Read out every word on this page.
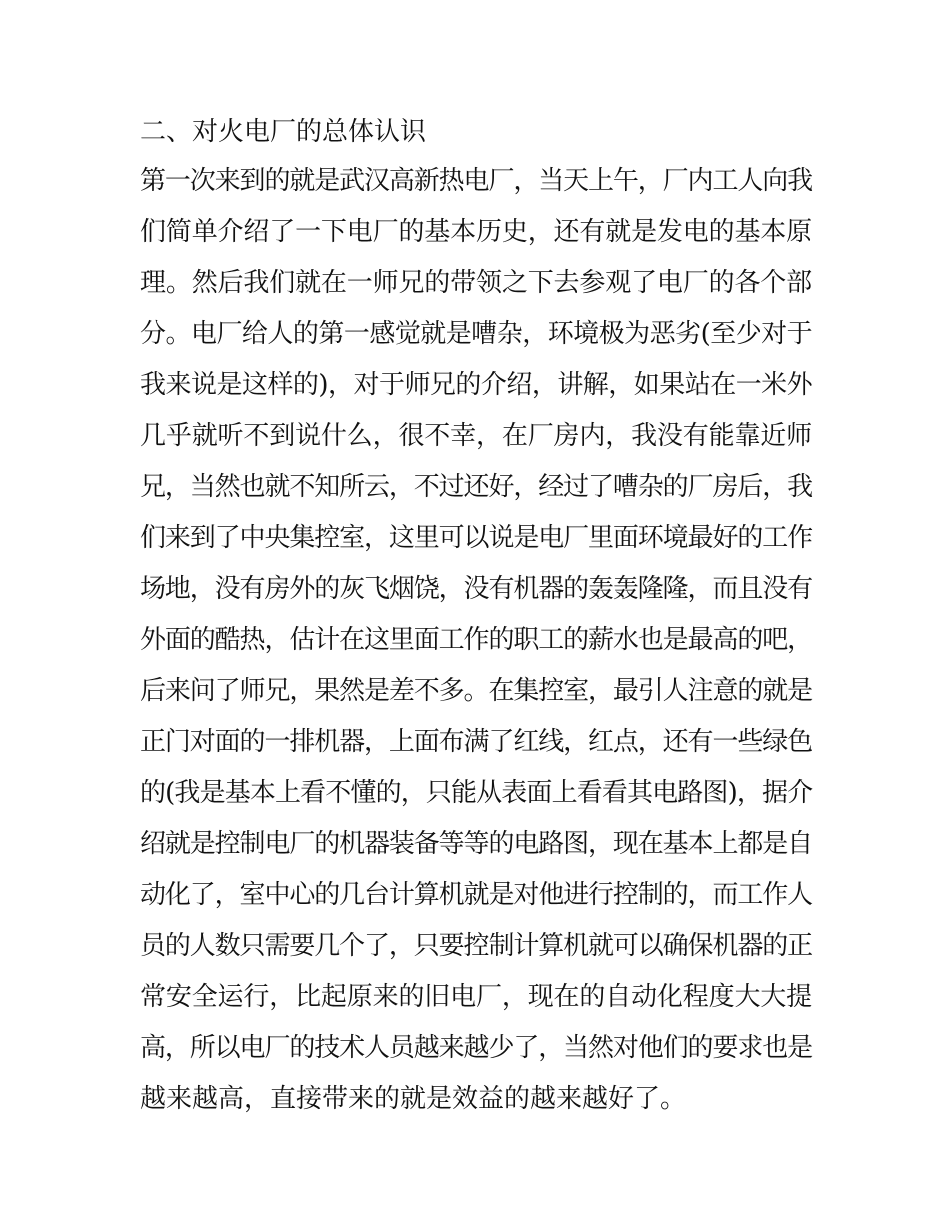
二、对火电厂的总体认识

第一次来到的就是武汉高新热电厂，当天上午，厂内工人向我

们简单介绍了一下电厂的基本历史，还有就是发电的基本原

理。然后我们就在一师兄的带领之下去参观了电厂的各个部

分。电厂给人的第一感觉就是嘈杂，环境极为恶劣(至少对于

我来说是这样的)，对于师兄的介绍，讲解，如果站在一米外

几乎就听不到说什么，很不幸，在厂房内，我没有能靠近师

兄，当然也就不知所云，不过还好，经过了嘈杂的厂房后，我

们来到了中央集控室，这里可以说是电厂里面环境最好的工作

场地，没有房外的灰飞烟饶，没有机器的轰轰隆隆，而且没有

外面的酷热，估计在这里面工作的职工的薪水也是最高的吧，

后来问了师兄，果然是差不多。在集控室，最引人注意的就是

正门对面的一排机器，上面布满了红线，红点，还有一些绿色

的(我是基本上看不懂的，只能从表面上看看其电路图)，据介

绍就是控制电厂的机器装备等等的电路图，现在基本上都是自

动化了，室中心的几台计算机就是对他进行控制的，而工作人

员的人数只需要几个了，只要控制计算机就可以确保机器的正

常安全运行，比起原来的旧电厂，现在的自动化程度大大提

高，所以电厂的技术人员越来越少了，当然对他们的要求也是

越来越高，直接带来的就是效益的越来越好了。
